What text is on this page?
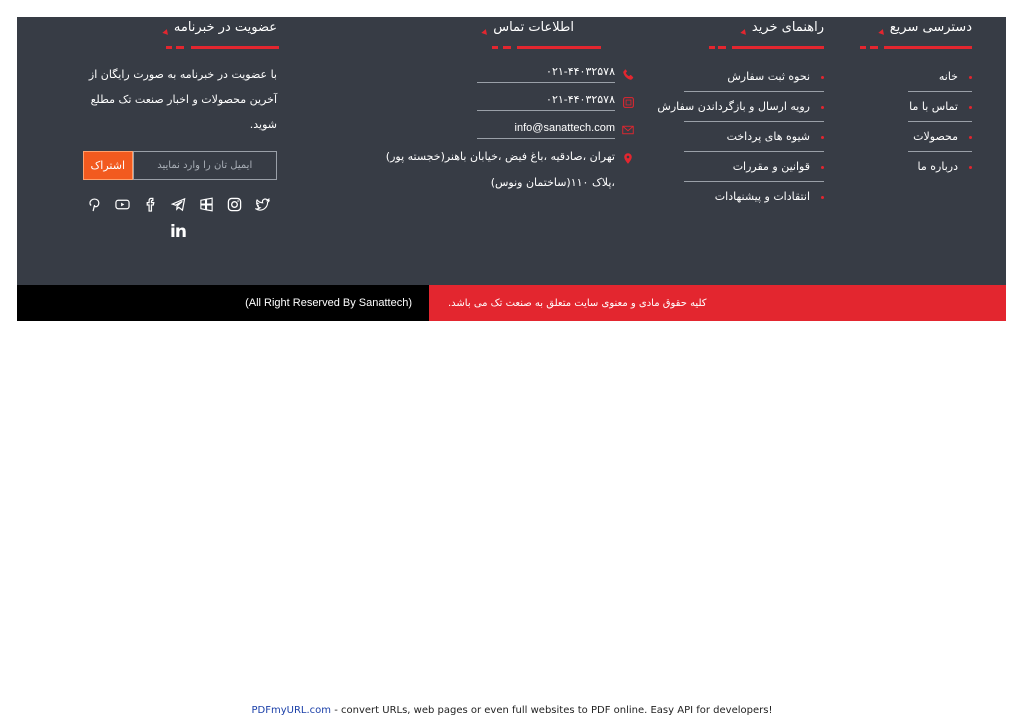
دسترسی سریع
خانه
تماس با ما
محصولات
درباره ما
راهنمای خرید
نحوه ثبت سفارش
رویه ارسال و بازگرداندن سفارش
شیوه های پرداخت
قوانین و مقررات
انتقادات و پیشنهادات
اطلاعات تماس
۰۲۱-۴۴۰۳۲۵۷۸
۰۲۱-۴۴۰۳۲۵۷۸
info@sanattech.com
تهران ،صادقیه ،باغ فیض ،خیابان باهنر(خجسته پور)
،پلاک ۱۱۰(ساختمان ونوس)
عضویت در خبرنامه

با عضویت در خبرنامه به صورت رایگان از آخرین محصولات و اخبار صنعت تک مطلع شوید.

ایمیل تان را وارد نمایید
اشتراک
in
(All Right Reserved By Sanattech)	کلیه حقوق مادی و معنوی سایت متعلق به صنعت تک می باشد.
PDFmyURL.com - convert URLs, web pages or even full websites to PDF online. Easy API for developers!
